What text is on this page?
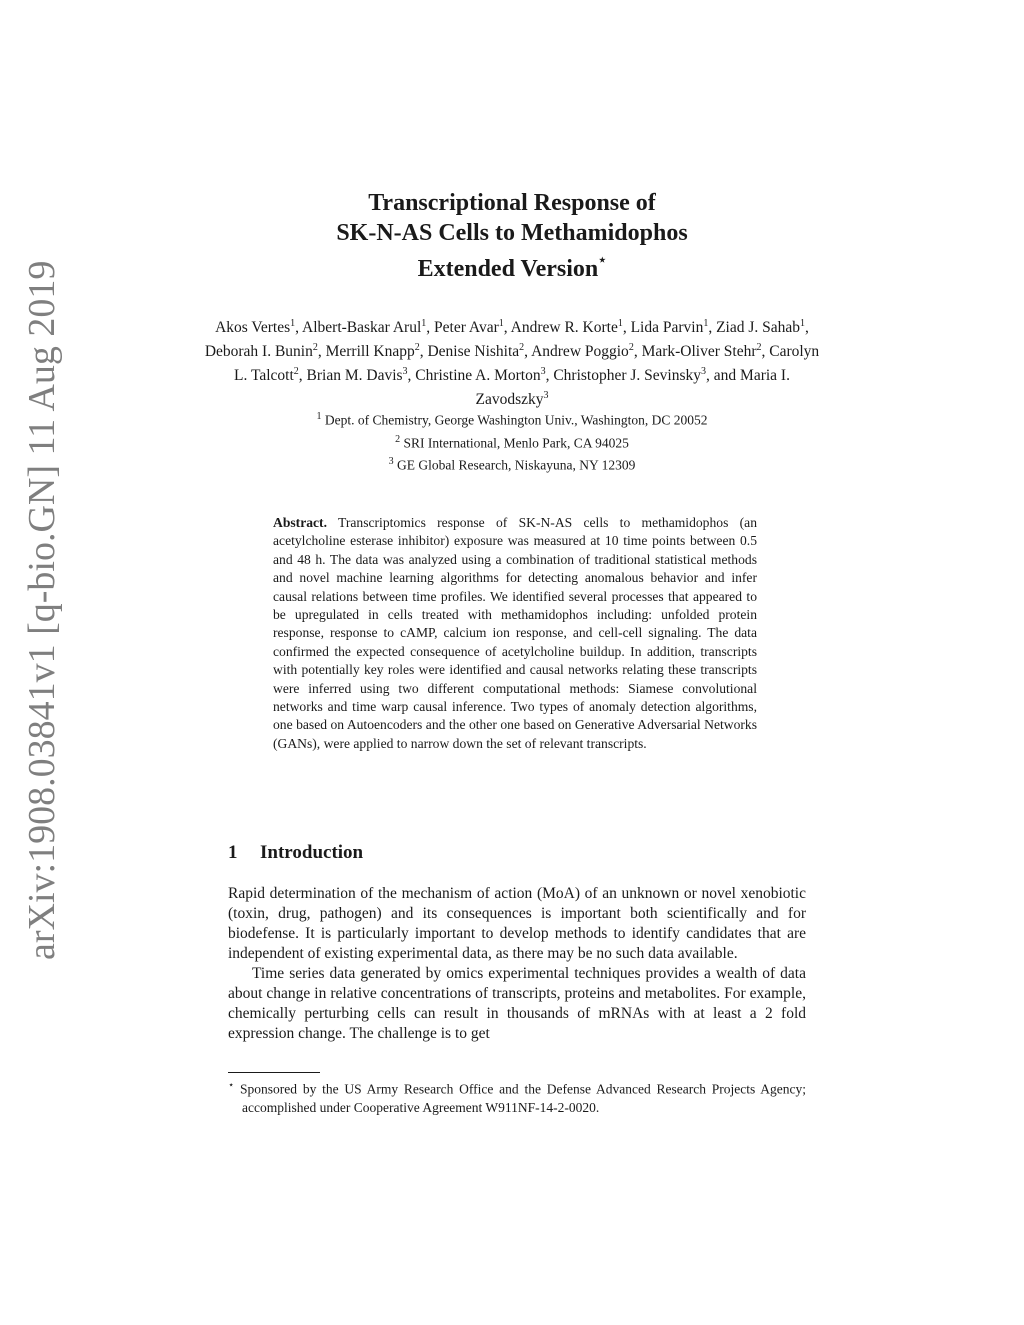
arXiv:1908.03841v1 [q-bio.GN] 11 Aug 2019
Transcriptional Response of
SK-N-AS Cells to Methamidophos
Extended Version⋆
Akos Vertes$^1$, Albert-Baskar Arul$^1$, Peter Avar$^1$, Andrew R. Korte$^1$, Lida Parvin$^1$, Ziad J. Sahab$^1$, Deborah I. Bunin$^2$, Merrill Knapp$^2$, Denise Nishita$^2$, Andrew Poggio$^2$, Mark-Oliver Stehr$^2$, Carolyn L. Talcott$^2$, Brian M. Davis$^3$, Christine A. Morton$^3$, Christopher J. Sevinsky$^3$, and Maria I. Zavodszky$^3$
$^1$ Dept. of Chemistry, George Washington Univ., Washington, DC 20052
$^2$ SRI International, Menlo Park, CA 94025
$^3$ GE Global Research, Niskayuna, NY 12309
Abstract. Transcriptomics response of SK-N-AS cells to methamidophos (an acetylcholine esterase inhibitor) exposure was measured at 10 time points between 0.5 and 48 h. The data was analyzed using a combination of traditional statistical methods and novel machine learning algorithms for detecting anomalous behavior and infer causal relations between time profiles. We identified several processes that appeared to be upregulated in cells treated with methamidophos including: unfolded protein response, response to cAMP, calcium ion response, and cell-cell signaling. The data confirmed the expected consequence of acetylcholine buildup. In addition, transcripts with potentially key roles were identified and causal networks relating these transcripts were inferred using two different computational methods: Siamese convolutional networks and time warp causal inference. Two types of anomaly detection algorithms, one based on Autoencoders and the other one based on Generative Adversarial Networks (GANs), were applied to narrow down the set of relevant transcripts.
1 Introduction

Rapid determination of the mechanism of action (MoA) of an unknown or novel xenobiotic (toxin, drug, pathogen) and its consequences is important both scientifically and for biodefense. It is particularly important to develop methods to identify candidates that are independent of existing experimental data, as there may be no such data available.

Time series data generated by omics experimental techniques provides a wealth of data about change in relative concentrations of transcripts, proteins and metabolites. For example, chemically perturbing cells can result in thousands of mRNAs with at least a 2 fold expression change. The challenge is to get

⋆ Sponsored by the US Army Research Office and the Defense Advanced Research Projects Agency; accomplished under Cooperative Agreement W911NF-14-2-0020.
